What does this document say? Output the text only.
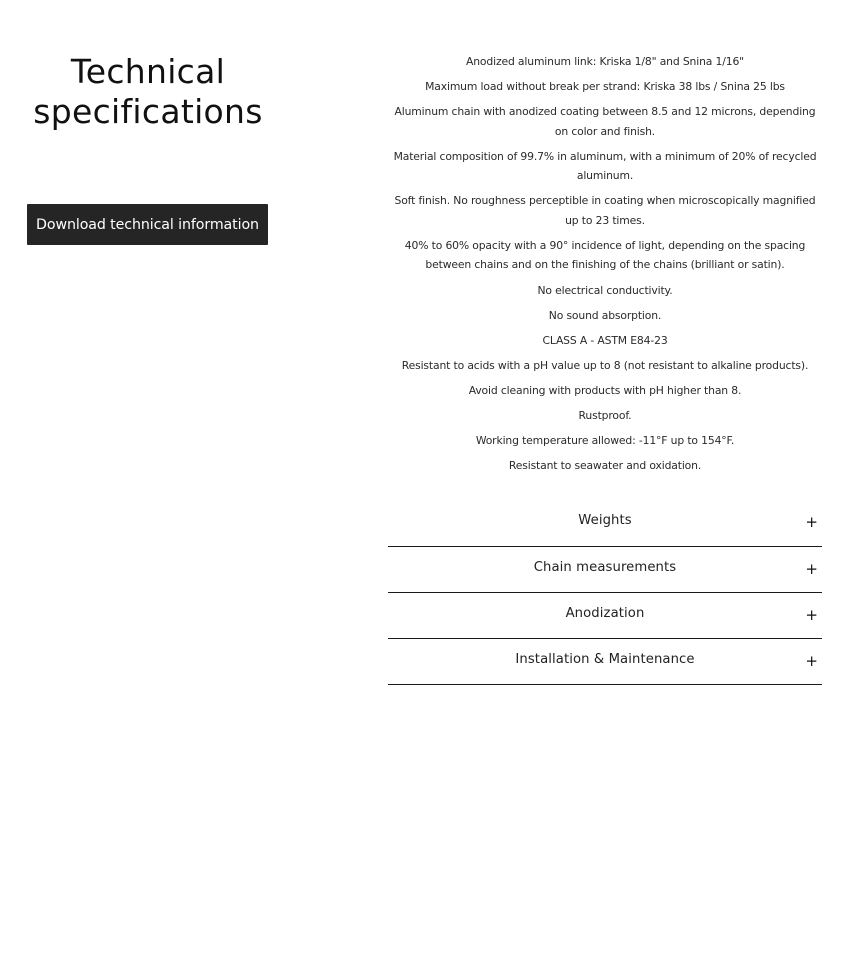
Technical
specifications
Download technical information
Anodized aluminum link: Kriska 1/8" and Snina 1/16"
Maximum load without break per strand: Kriska 38 lbs / Snina 25 lbs
Aluminum chain with anodized coating between 8.5 and 12 microns, depending on color and finish.
Material composition of 99.7% in aluminum, with a minimum of 20% of recycled aluminum.
Soft finish. No roughness perceptible in coating when microscopically magnified up to 23 times.
40% to 60% opacity with a 90° incidence of light, depending on the spacing between chains and on the finishing of the chains (brilliant or satin).
No electrical conductivity.
No sound absorption.
CLASS A - ASTM E84-23
Resistant to acids with a pH value up to 8 (not resistant to alkaline products).
Avoid cleaning with products with pH higher than 8.
Rustproof.
Working temperature allowed: -11°F up to 154°F.
Resistant to seawater and oxidation.
Weights	+
Chain measurements	+
Anodization	+
Installation & Maintenance	+
